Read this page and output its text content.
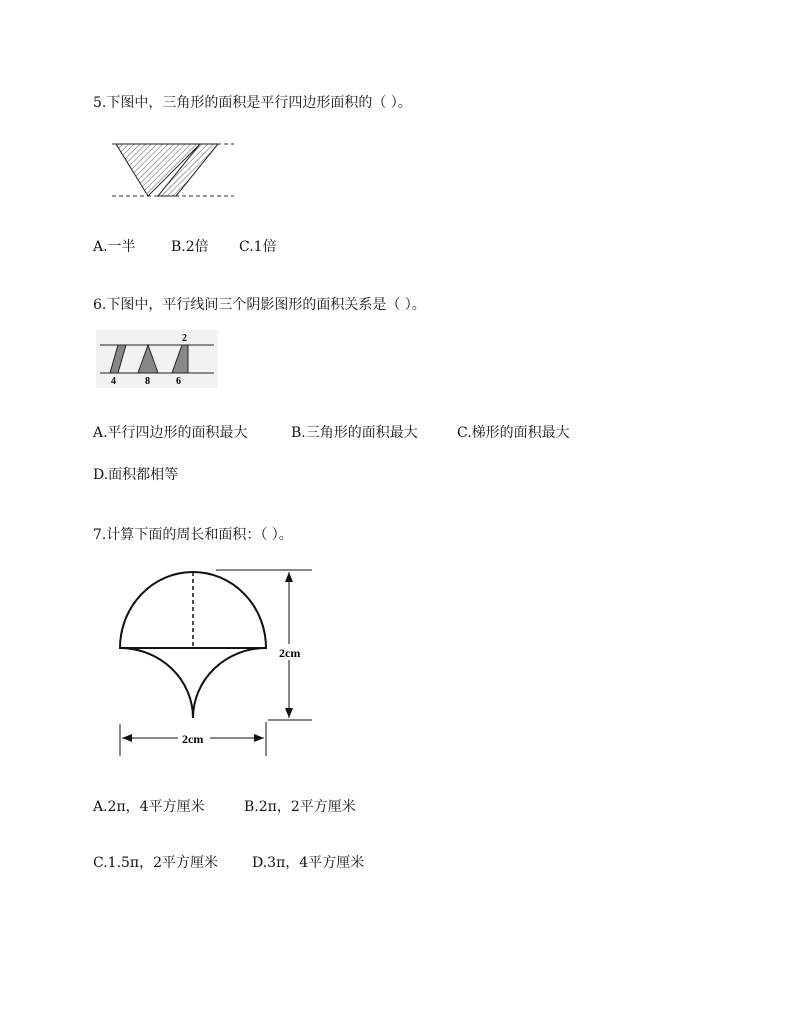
5.下图中，三角形的面积是平行四边形面积的（ ）。
A.一半	B.2倍 C.1倍
6.下图中，平行线间三个阴影图形的面积关系是（ ）。
2
4	8	6
A.平行四边形的面积最大	B.三角形的面积最大	C.梯形的面积最大
D.面积都相等
7.计算下面的周长和面积：（ ）。
2cm
2cm
A.2π，4平方厘米	B.2π，2平方厘米
C.1.5π，2平方厘米 D.3π，4平方厘米
